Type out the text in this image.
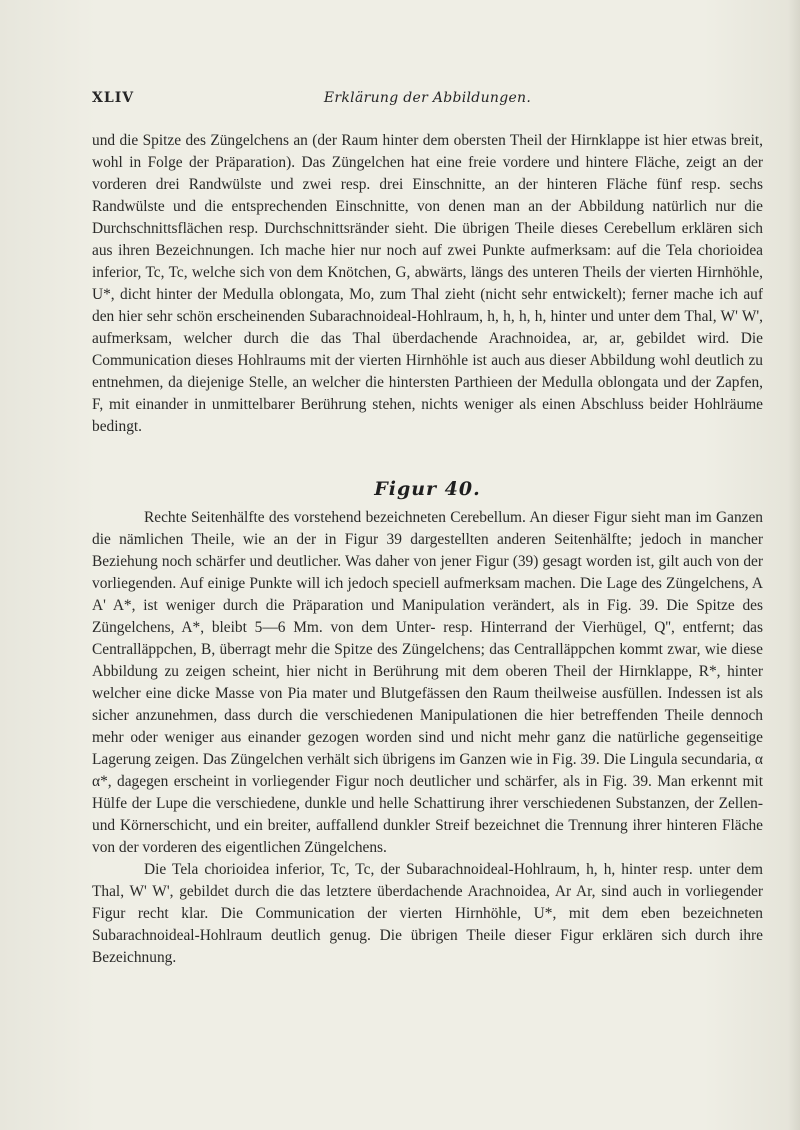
XLIV	Erklärung der Abbildungen.

und die Spitze des Züngelchens an (der Raum hinter dem obersten Theil der Hirnklappe ist hier etwas breit, wohl in Folge der Präparation). Das Züngelchen hat eine freie vordere und hintere Fläche, zeigt an der vorderen drei Randwülste und zwei resp. drei Einschnitte, an der hinteren Fläche fünf resp. sechs Randwülste und die entsprechenden Einschnitte, von denen man an der Abbildung natürlich nur die Durchschnittsflächen resp. Durchschnittsränder sieht. Die übrigen Theile dieses Cerebellum erklären sich aus ihren Bezeichnungen. Ich mache hier nur noch auf zwei Punkte aufmerksam: auf die Tela chorioidea inferior, Tc, Tc, welche sich von dem Knötchen, G, abwärts, längs des unteren Theils der vierten Hirnhöhle, U*, dicht hinter der Medulla oblongata, Mo, zum Thal zieht (nicht sehr entwickelt); ferner mache ich auf den hier sehr schön erscheinenden Subarachnoideal-Hohlraum, h, h, h, h, hinter und unter dem Thal, W' W', aufmerksam, welcher durch die das Thal überdachende Arachnoidea, ar, ar, gebildet wird. Die Communication dieses Hohlraums mit der vierten Hirnhöhle ist auch aus dieser Abbildung wohl deutlich zu entnehmen, da diejenige Stelle, an welcher die hintersten Parthieen der Medulla oblongata und der Zapfen, F, mit einander in unmittelbarer Berührung stehen, nichts weniger als einen Abschluss beider Hohlräume bedingt.

Figur 40.

Rechte Seitenhälfte des vorstehend bezeichneten Cerebellum. An dieser Figur sieht man im Ganzen die nämlichen Theile, wie an der in Figur 39 dargestellten anderen Seitenhälfte; jedoch in mancher Beziehung noch schärfer und deutlicher. Was daher von jener Figur (39) gesagt worden ist, gilt auch von der vorliegenden. Auf einige Punkte will ich jedoch speciell aufmerksam machen. Die Lage des Züngelchens, A A' A*, ist weniger durch die Präparation und Manipulation verändert, als in Fig. 39. Die Spitze des Züngelchens, A*, bleibt 5—6 Mm. von dem Unter- resp. Hinterrand der Vierhügel, Q'', entfernt; das Centralläppchen, B, überragt mehr die Spitze des Züngelchens; das Centralläppchen kommt zwar, wie diese Abbildung zu zeigen scheint, hier nicht in Berührung mit dem oberen Theil der Hirnklappe, R*, hinter welcher eine dicke Masse von Pia mater und Blutgefässen den Raum theilweise ausfüllen. Indessen ist als sicher anzunehmen, dass durch die verschiedenen Manipulationen die hier betreffenden Theile dennoch mehr oder weniger aus einander gezogen worden sind und nicht mehr ganz die natürliche gegenseitige Lagerung zeigen. Das Züngelchen verhält sich übrigens im Ganzen wie in Fig. 39. Die Lingula secundaria, α α*, dagegen erscheint in vorliegender Figur noch deutlicher und schärfer, als in Fig. 39. Man erkennt mit Hülfe der Lupe die verschiedene, dunkle und helle Schattirung ihrer verschiedenen Substanzen, der Zellen- und Körnerschicht, und ein breiter, auffallend dunkler Streif bezeichnet die Trennung ihrer hinteren Fläche von der vorderen des eigentlichen Züngelchens.

Die Tela chorioidea inferior, Tc, Tc, der Subarachnoideal-Hohlraum, h, h, hinter resp. unter dem Thal, W' W', gebildet durch die das letztere überdachende Arachnoidea, Ar Ar, sind auch in vorliegender Figur recht klar. Die Communication der vierten Hirnhöhle, U*, mit dem eben bezeichneten Subarachnoideal-Hohlraum deutlich genug. Die übrigen Theile dieser Figur erklären sich durch ihre Bezeichnung.
